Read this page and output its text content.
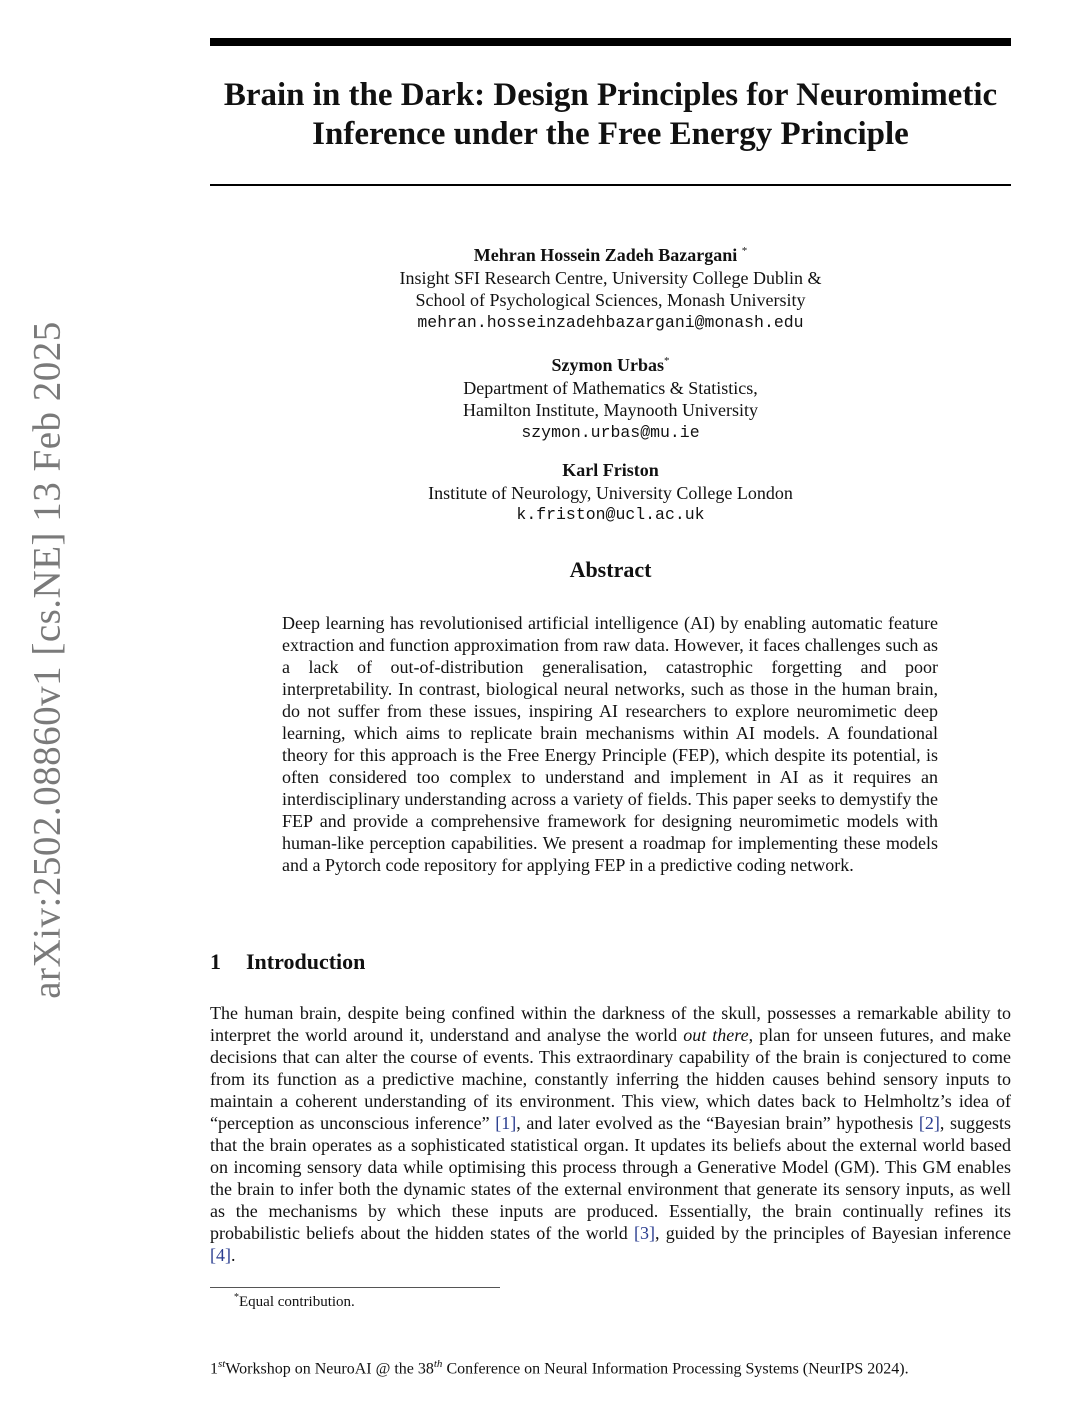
arXiv:2502.08860v1 [cs.NE] 13 Feb 2025
Brain in the Dark: Design Principles for Neuromimetic Inference under the Free Energy Principle
Mehran Hossein Zadeh Bazargani *
Insight SFI Research Centre, University College Dublin &
School of Psychological Sciences, Monash University
mehran.hosseinzadehbazargani@monash.edu
Szymon Urbas*
Department of Mathematics & Statistics,
Hamilton Institute, Maynooth University
szymon.urbas@mu.ie
Karl Friston
Institute of Neurology, University College London
k.friston@ucl.ac.uk
Abstract

Deep learning has revolutionised artificial intelligence (AI) by enabling automatic feature extraction and function approximation from raw data. However, it faces challenges such as a lack of out-of-distribution generalisation, catastrophic forgetting and poor interpretability. In contrast, biological neural networks, such as those in the human brain, do not suffer from these issues, inspiring AI researchers to explore neuromimetic deep learning, which aims to replicate brain mechanisms within AI models. A foundational theory for this approach is the Free Energy Principle (FEP), which despite its potential, is often considered too complex to understand and implement in AI as it requires an interdisciplinary understanding across a variety of fields. This paper seeks to demystify the FEP and provide a comprehensive framework for designing neuromimetic models with human-like perception capabilities. We present a roadmap for implementing these models and a Pytorch code repository for applying FEP in a predictive coding network.

1 Introduction

The human brain, despite being confined within the darkness of the skull, possesses a remarkable ability to interpret the world around it, understand and analyse the world out there, plan for unseen futures, and make decisions that can alter the course of events. This extraordinary capability of the brain is conjectured to come from its function as a predictive machine, constantly inferring the hidden causes behind sensory inputs to maintain a coherent understanding of its environment. This view, which dates back to Helmholtz’s idea of “perception as unconscious inference” [1], and later evolved as the “Bayesian brain” hypothesis [2], suggests that the brain operates as a sophisticated statistical organ. It updates its beliefs about the external world based on incoming sensory data while optimising this process through a Generative Model (GM). This GM enables the brain to infer both the dynamic states of the external environment that generate its sensory inputs, as well as the mechanisms by which these inputs are produced. Essentially, the brain continually refines its probabilistic beliefs about the hidden states of the world [3], guided by the principles of Bayesian inference [4].

*Equal contribution.
1stWorkshop on NeuroAI @ the 38th Conference on Neural Information Processing Systems (NeurIPS 2024).
